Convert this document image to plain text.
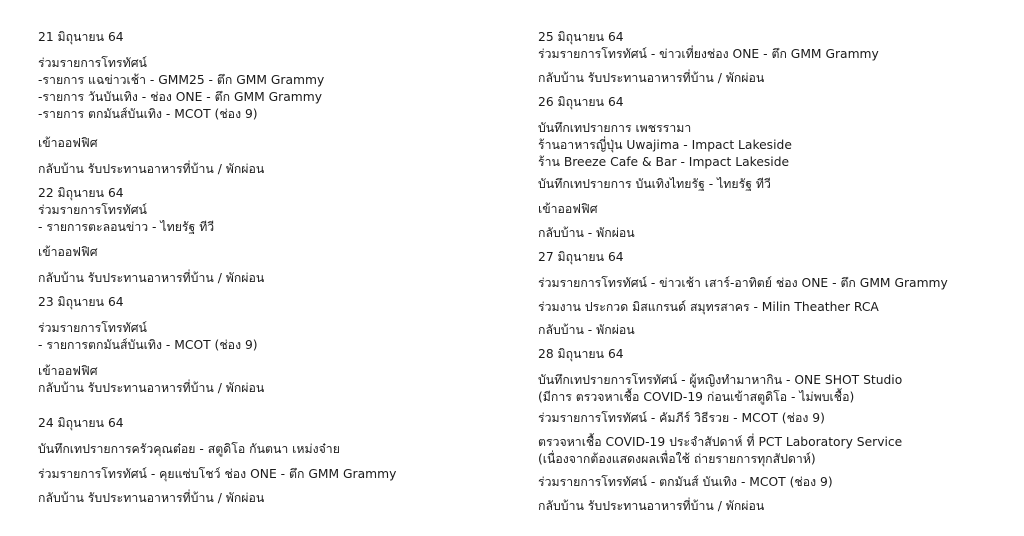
21 มิถุนายน 64
ร่วมรายการโทรทัศน์
-รายการ แฉข่าวเช้า - GMM25 - ตึก GMM Grammy
-รายการ วันบันเทิง - ช่อง ONE - ตึก GMM Grammy
-รายการ ตกมันส์บันเทิง - MCOT (ช่อง 9)
เข้าออฟฟิศ
กลับบ้าน รับประทานอาหารที่บ้าน / พักผ่อน
22 มิถุนายน 64
ร่วมรายการโทรทัศน์
- รายการตะลอนข่าว - ไทยรัฐ ทีวี
เข้าออฟฟิศ
กลับบ้าน รับประทานอาหารที่บ้าน / พักผ่อน
23 มิถุนายน 64
ร่วมรายการโทรทัศน์
- รายการตกมันส์บันเทิง - MCOT (ช่อง 9)
เข้าออฟฟิศ
กลับบ้าน รับประทานอาหารที่บ้าน / พักผ่อน
24 มิถุนายน 64
บันทึกเทปรายการครัวคุณต๋อย - สตูดิโอ กันตนา เหม่งจ๋าย
ร่วมรายการโทรทัศน์ - คุยแซ่บโชว์ ช่อง ONE - ตึก GMM Grammy
กลับบ้าน รับประทานอาหารที่บ้าน / พักผ่อน
25 มิถุนายน 64
ร่วมรายการโทรทัศน์ - ข่าวเที่ยงช่อง ONE - ตึก GMM Grammy
กลับบ้าน รับประทานอาหารที่บ้าน / พักผ่อน
26 มิถุนายน 64
บันทึกเทปรายการ เพชรรามา
ร้านอาหารญี่ปุ่น Uwajima - Impact Lakeside
ร้าน Breeze Cafe & Bar - Impact Lakeside
บันทึกเทปรายการ บันเทิงไทยรัฐ - ไทยรัฐ ทีวี
เข้าออฟฟิศ
กลับบ้าน - พักผ่อน
27 มิถุนายน 64
ร่วมรายการโทรทัศน์ - ข่าวเช้า เสาร์-อาทิตย์ ช่อง ONE - ตึก GMM Grammy
ร่วมงาน ประกวด มิสแกรนด์ สมุทรสาคร - Milin Theather RCA
กลับบ้าน - พักผ่อน
28 มิถุนายน 64
บันทึกเทปรายการโทรทัศน์ - ผู้หญิงทำมาหากิน - ONE SHOT Studio
(มีการ ตรวจหาเชื้อ COVID-19 ก่อนเข้าสตูดิโอ - ไม่พบเชื้อ)
ร่วมรายการโทรทัศน์ - คัมภีร์ วิธีรวย - MCOT (ช่อง 9)
ตรวจหาเชื้อ COVID-19 ประจำสัปดาห์ ที่ PCT Laboratory Service
(เนื่องจากต้องแสดงผลเพื่อใช้ ถ่ายรายการทุกสัปดาห์)
ร่วมรายการโทรทัศน์ - ตกมันส์ บันเทิง - MCOT (ช่อง 9)
กลับบ้าน รับประทานอาหารที่บ้าน / พักผ่อน
